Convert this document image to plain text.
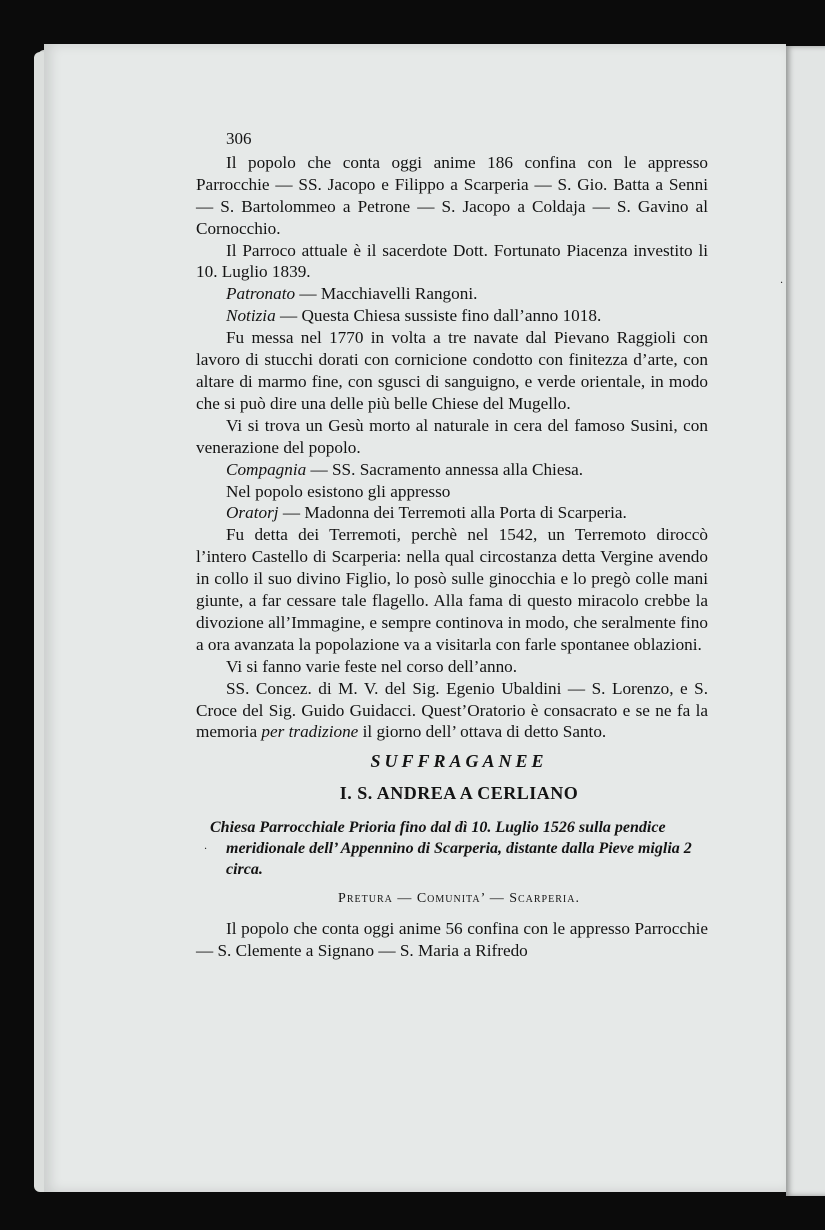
·
·
306

Il popolo che conta oggi anime 186 confina con le appresso Parrocchie — SS. Jacopo e Filippo a Scarperia — S. Gio. Batta a Senni — S. Bartolommeo a Petrone — S. Jacopo a Coldaja — S. Gavino al Cornocchio.

Il Parroco attuale è il sacerdote Dott. Fortunato Piacenza investito li 10. Luglio 1839.

Patronato — Macchiavelli Rangoni.

Notizia — Questa Chiesa sussiste fino dall’anno 1018.

Fu messa nel 1770 in volta a tre navate dal Pievano Raggioli con lavoro di stucchi dorati con cornicione condotto con finitezza d’arte, con altare di marmo fine, con sgusci di sanguigno, e verde orientale, in modo che si può dire una delle più belle Chiese del Mugello.

Vi si trova un Gesù morto al naturale in cera del famoso Susini, con venerazione del popolo.

Compagnia — SS. Sacramento annessa alla Chiesa.

Nel popolo esistono gli appresso

Oratorj — Madonna dei Terremoti alla Porta di Scarperia.

Fu detta dei Terremoti, perchè nel 1542, un Terremoto diroccò l’intero Castello di Scarperia: nella qual circostanza detta Vergine avendo in collo il suo divino Figlio, lo posò sulle ginocchia e lo pregò colle mani giunte, a far cessare tale flagello. Alla fama di questo miracolo crebbe la divozione all’Immagine, e sempre continova in modo, che seralmente fino a ora avanzata la popolazione va a visitarla con farle spontanee oblazioni.

Vi si fanno varie feste nel corso dell’anno.

SS. Concez. di M. V. del Sig. Egenio Ubaldini — S. Lorenzo, e S. Croce del Sig. Guido Guidacci. Quest’Oratorio è consacrato e se ne fa la memoria per tradizione il giorno dell’ ottava di detto Santo.

SUFFRAGANEE
I. S. ANDREA A CERLIANO

Chiesa Parrocchiale Prioria fino dal dì 10. Luglio 1526 sulla pendice meridionale dell’ Appennino di Scarperia, distante dalla Pieve miglia 2 circa.

Pretura — Comunita’ — Scarperia.

Il popolo che conta oggi anime 56 confina con le appresso Parrocchie — S. Clemente a Signano — S. Maria a Rifredo
